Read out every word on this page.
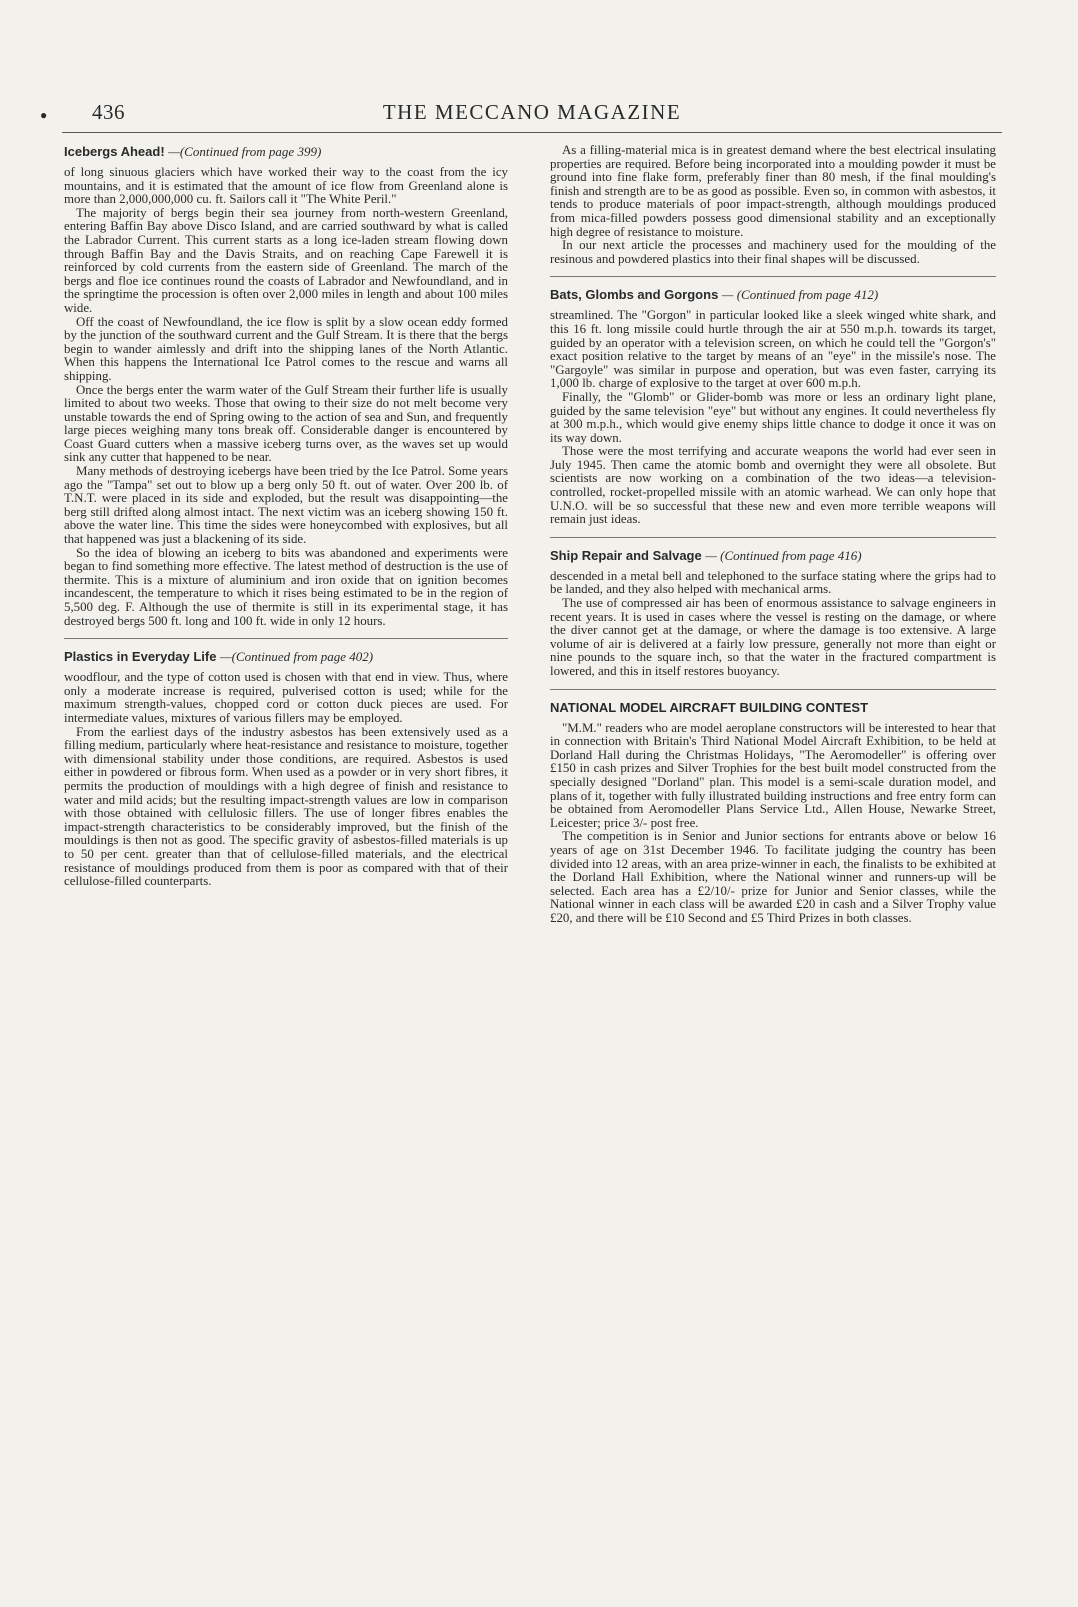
● 436	THE MECCANO MAGAZINE
Icebergs Ahead! —(Continued from page 399)

of long sinuous glaciers which have worked their way to the coast from the icy mountains, and it is estimated that the amount of ice flow from Greenland alone is more than 2,000,000,000 cu. ft. Sailors call it "The White Peril."

The majority of bergs begin their sea journey from north-western Greenland, entering Baffin Bay above Disco Island, and are carried southward by what is called the Labrador Current. This current starts as a long ice-laden stream flowing down through Baffin Bay and the Davis Straits, and on reaching Cape Farewell it is reinforced by cold currents from the eastern side of Greenland. The march of the bergs and floe ice continues round the coasts of Labrador and Newfoundland, and in the springtime the procession is often over 2,000 miles in length and about 100 miles wide.

Off the coast of Newfoundland, the ice flow is split by a slow ocean eddy formed by the junction of the southward current and the Gulf Stream. It is there that the bergs begin to wander aimlessly and drift into the shipping lanes of the North Atlantic. When this happens the International Ice Patrol comes to the rescue and warns all shipping.

Once the bergs enter the warm water of the Gulf Stream their further life is usually limited to about two weeks. Those that owing to their size do not melt become very unstable towards the end of Spring owing to the action of sea and Sun, and frequently large pieces weighing many tons break off. Considerable danger is encountered by Coast Guard cutters when a massive iceberg turns over, as the waves set up would sink any cutter that happened to be near.

Many methods of destroying icebergs have been tried by the Ice Patrol. Some years ago the "Tampa" set out to blow up a berg only 50 ft. out of water. Over 200 lb. of T.N.T. were placed in its side and exploded, but the result was disappointing—the berg still drifted along almost intact. The next victim was an iceberg showing 150 ft. above the water line. This time the sides were honeycombed with explosives, but all that happened was just a blackening of its side.

So the idea of blowing an iceberg to bits was abandoned and experiments were began to find something more effective. The latest method of destruction is the use of thermite. This is a mixture of aluminium and iron oxide that on ignition becomes incandescent, the temperature to which it rises being estimated to be in the region of 5,500 deg. F. Although the use of thermite is still in its experimental stage, it has destroyed bergs 500 ft. long and 100 ft. wide in only 12 hours.

Plastics in Everyday Life —(Continued from page 402)

woodflour, and the type of cotton used is chosen with that end in view. Thus, where only a moderate increase is required, pulverised cotton is used; while for the maximum strength-values, chopped cord or cotton duck pieces are used. For intermediate values, mixtures of various fillers may be employed.

From the earliest days of the industry asbestos has been extensively used as a filling medium, particularly where heat-resistance and resistance to moisture, together with dimensional stability under those conditions, are required. Asbestos is used either in powdered or fibrous form. When used as a powder or in very short fibres, it permits the production of mouldings with a high degree of finish and resistance to water and mild acids; but the resulting impact-strength values are low in comparison with those obtained with cellulosic fillers. The use of longer fibres enables the impact-strength characteristics to be considerably improved, but the finish of the mouldings is then not as good. The specific gravity of asbestos-filled materials is up to 50 per cent. greater than that of cellulose-filled materials, and the electrical resistance of mouldings produced from them is poor as compared with that of their cellulose-filled counterparts.

As a filling-material mica is in greatest demand where the best electrical insulating properties are required. Before being incorporated into a moulding powder it must be ground into fine flake form, preferably finer than 80 mesh, if the final moulding's finish and strength are to be as good as possible. Even so, in common with asbestos, it tends to produce materials of poor impact-strength, although mouldings produced from mica-filled powders possess good dimensional stability and an exceptionally high degree of resistance to moisture.

In our next article the processes and machinery used for the moulding of the resinous and powdered plastics into their final shapes will be discussed.

Bats, Glombs and Gorgons — (Continued from page 412)

streamlined. The "Gorgon" in particular looked like a sleek winged white shark, and this 16 ft. long missile could hurtle through the air at 550 m.p.h. towards its target, guided by an operator with a television screen, on which he could tell the "Gorgon's" exact position relative to the target by means of an "eye" in the missile's nose. The "Gargoyle" was similar in purpose and operation, but was even faster, carrying its 1,000 lb. charge of explosive to the target at over 600 m.p.h.

Finally, the "Glomb" or Glider-bomb was more or less an ordinary light plane, guided by the same television "eye" but without any engines. It could nevertheless fly at 300 m.p.h., which would give enemy ships little chance to dodge it once it was on its way down.

Those were the most terrifying and accurate weapons the world had ever seen in July 1945. Then came the atomic bomb and overnight they were all obsolete. But scientists are now working on a combination of the two ideas—a television-controlled, rocket-propelled missile with an atomic warhead. We can only hope that U.N.O. will be so successful that these new and even more terrible weapons will remain just ideas.

Ship Repair and Salvage — (Continued from page 416)

descended in a metal bell and telephoned to the surface stating where the grips had to be landed, and they also helped with mechanical arms.

The use of compressed air has been of enormous assistance to salvage engineers in recent years. It is used in cases where the vessel is resting on the damage, or where the diver cannot get at the damage, or where the damage is too extensive. A large volume of air is delivered at a fairly low pressure, generally not more than eight or nine pounds to the square inch, so that the water in the fractured compartment is lowered, and this in itself restores buoyancy.

NATIONAL MODEL AIRCRAFT BUILDING CONTEST

"M.M." readers who are model aeroplane constructors will be interested to hear that in connection with Britain's Third National Model Aircraft Exhibition, to be held at Dorland Hall during the Christmas Holidays, "The Aeromodeller" is offering over £150 in cash prizes and Silver Trophies for the best built model constructed from the specially designed "Dorland" plan. This model is a semi-scale duration model, and plans of it, together with fully illustrated building instructions and free entry form can be obtained from Aeromodeller Plans Service Ltd., Allen House, Newarke Street, Leicester; price 3/- post free.

The competition is in Senior and Junior sections for entrants above or below 16 years of age on 31st December 1946. To facilitate judging the country has been divided into 12 areas, with an area prize-winner in each, the finalists to be exhibited at the Dorland Hall Exhibition, where the National winner and runners-up will be selected. Each area has a £2/10/- prize for Junior and Senior classes, while the National winner in each class will be awarded £20 in cash and a Silver Trophy value £20, and there will be £10 Second and £5 Third Prizes in both classes.
